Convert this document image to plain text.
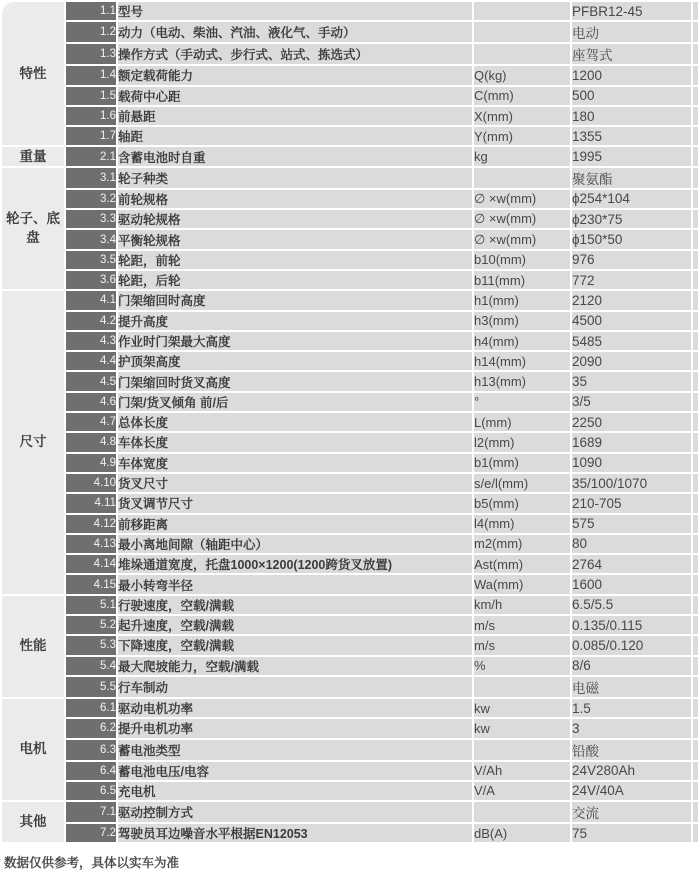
特性	1.1	型号		PFBR12-45	
	1.2	动力（电动、柴油、汽油、液化气、手动）		电动	
	1.3	操作方式（手动式、步行式、站式、拣选式）		座驾式	
	1.4	额定载荷能力	Q(kg)	1200	
	1.5	载荷中心距	C(mm)	500	
	1.6	前悬距	X(mm)	180	
	1.7	轴距	Y(mm)	1355	
重量	2.1	含蓄电池时自重	kg	1995	
轮子、底盘	3.1	轮子种类		聚氨酯	
	3.2	前轮规格	∅ ×w(mm)	ϕ254*104	
	3.3	驱动轮规格	∅ ×w(mm)	ϕ230*75	
	3.4	平衡轮规格	∅ ×w(mm)	ϕ150*50	
	3.5	轮距，前轮	b10(mm)	976	
	3.6	轮距，后轮	b11(mm)	772	
尺寸	4.1	门架缩回时高度	h1(mm)	2120	
	4.2	提升高度	h3(mm)	4500	
	4.3	作业时门架最大高度	h4(mm)	5485	
	4.4	护顶架高度	h14(mm)	2090	
	4.5	门架缩回时货叉高度	h13(mm)	35	
	4.6	门架/货叉倾角 前/后	°	3/5	
	4.7	总体长度	L(mm)	2250	
	4.8	车体长度	l2(mm)	1689	
	4.9	车体宽度	b1(mm)	1090	
	4.10	货叉尺寸	s/e/l(mm)	35/100/1070	
	4.11	货叉调节尺寸	b5(mm)	210-705	
	4.12	前移距离	l4(mm)	575	
	4.13	最小离地间隙（轴距中心）	m2(mm)	80	
	4.14	堆垛通道宽度，托盘1000×1200(1200跨货叉放置)	Ast(mm)	2764	
	4.15	最小转弯半径	Wa(mm)	1600	
性能	5.1	行驶速度，空载/满载	km/h	6.5/5.5	
	5.2	起升速度，空载/满载	m/s	0.135/0.115	
	5.3	下降速度，空载/满载	m/s	0.085/0.120	
	5.4	最大爬坡能力，空载/满载	%	8/6	
	5.5	行车制动		电磁	
电机	6.1	驱动电机功率	kw	1.5	
	6.2	提升电机功率	kw	3	
	6.3	蓄电池类型		铅酸	
	6.4	蓄电池电压/电容	V/Ah	24V280Ah	
	6.5	充电机	V/A	24V/40A	
其他	7.1	驱动控制方式		交流	
	7.2	驾驶员耳边噪音水平根据EN12053	dB(A)	75	
数据仅供参考，具体以实车为准
